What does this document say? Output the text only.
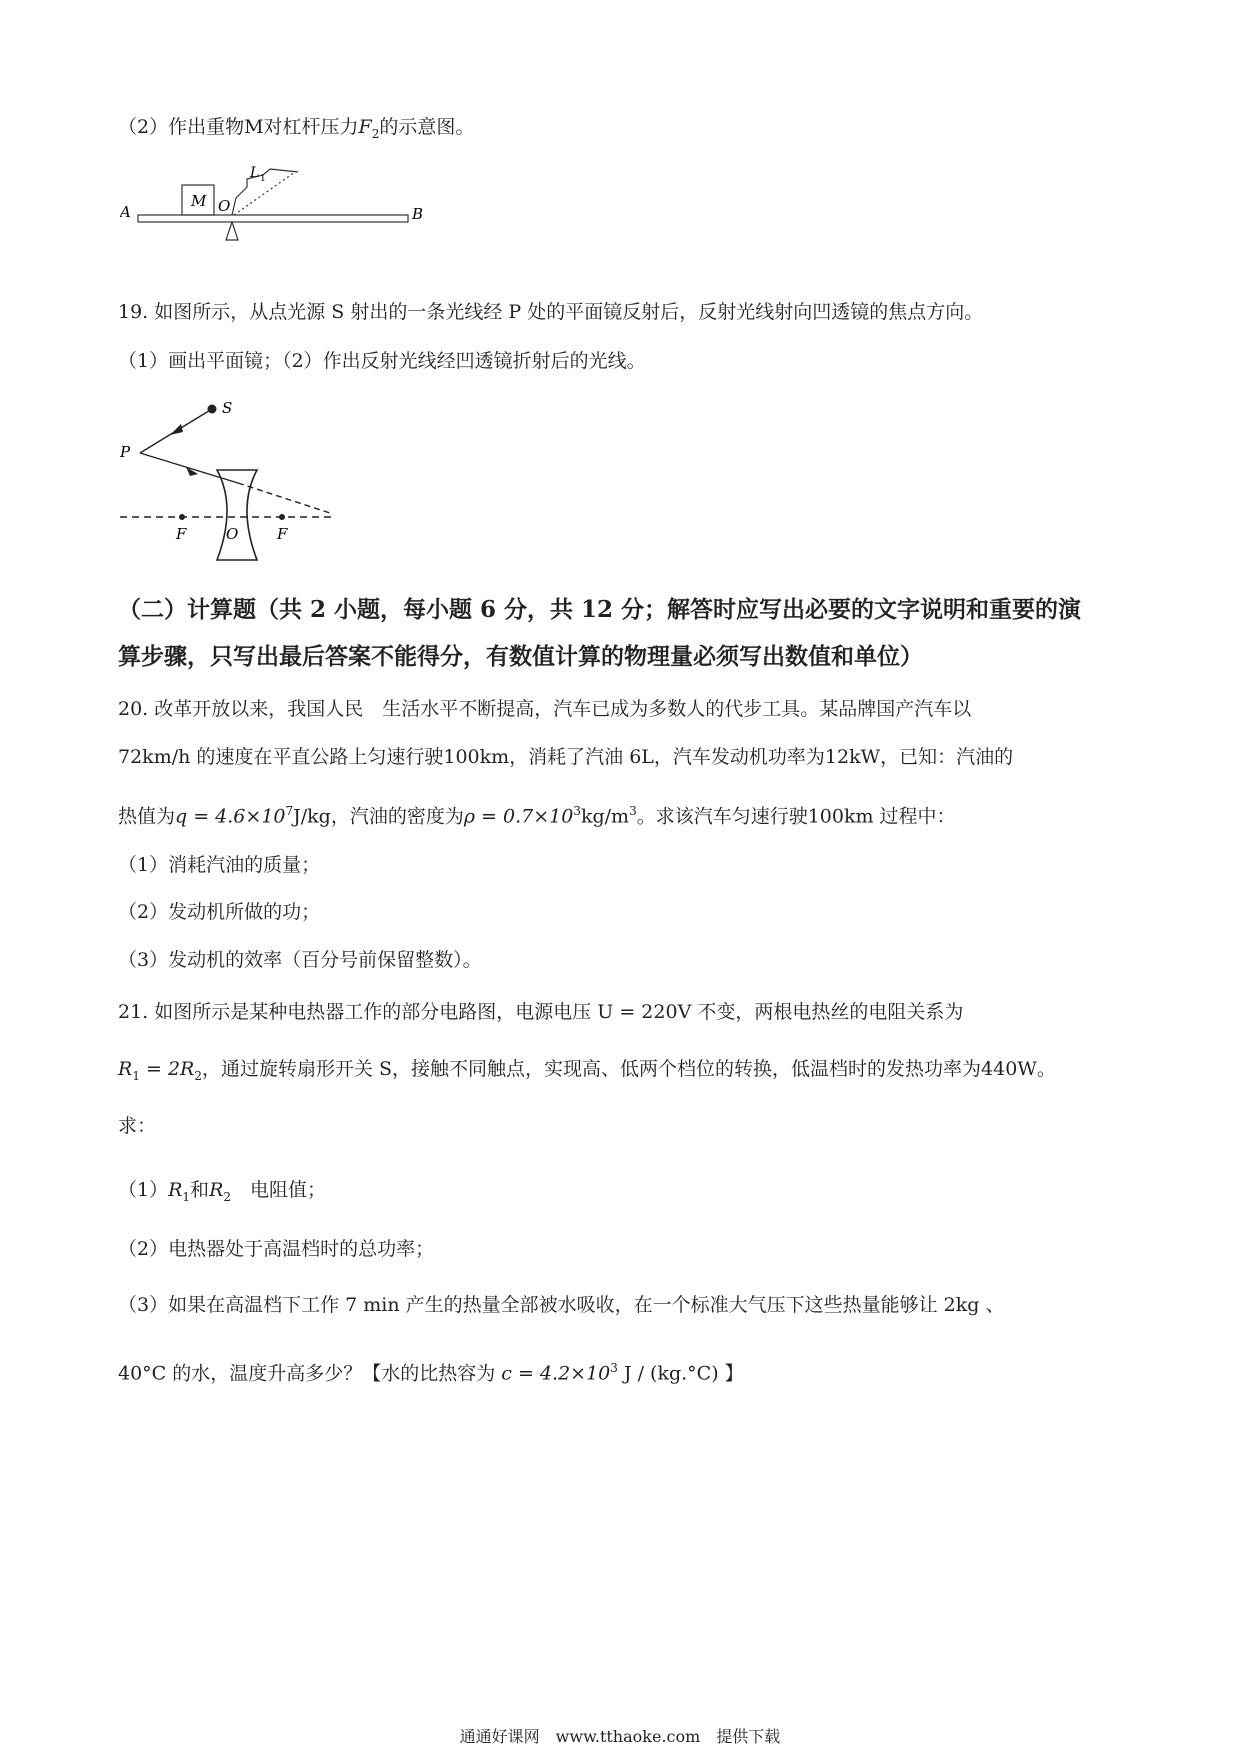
（2）作出重物M对杠杆压力$F_2$的示意图。
M
A	B
O
L 1
19. 如图所示，从点光源 S 射出的一条光线经 P 处的平面镜反射后，反射光线射向凹透镜的焦点方向。
（1）画出平面镜；（2）作出反射光线经凹透镜折射后的光线。
S
P
F	O	F
（二）计算题（共 2 小题，每小题 6 分，共 12 分；解答时应写出必要的文字说明和重要的演
算步骤，只写出最后答案不能得分，有数值计算的物理量必须写出数值和单位）
20. 改革开放以来，我国人民　生活水平不断提高，汽车已成为多数人的代步工具。某品牌国产汽车以
72km/h 的速度在平直公路上匀速行驶100km，消耗了汽油 6L，汽车发动机功率为12kW，已知：汽油的
热值为$q = 4.6\times 10^7J/kg$，汽油的密度为$\rho = 0.7\times 10^3kg/m^3$。求该汽车匀速行驶100km 过程中：
（1）消耗汽油的质量；
（2）发动机所做的功；
（3）发动机的效率（百分号前保留整数）。
21. 如图所示是某种电热器工作的部分电路图，电源电压 U = 220V 不变，两根电热丝的电阻关系为
$R_1 = 2R_2$，通过旋转扇形开关 S，接触不同触点，实现高、低两个档位的转换，低温档时的发热功率为440W。
求：
$(1)R_1$和$R_2$　电阻值；
（2）电热器处于高温档时的总功率；
（3）如果在高温档下工作 7 min 产生的热量全部被水吸收，在一个标准大气压下这些热量能够让 2kg 、
40°C 的水，温度升高多少？【水的比热容为 $c = 4.2\times 10^3$ J / (kg.°C) 】
通通好课网　www.tthaoke.com　提供下载
